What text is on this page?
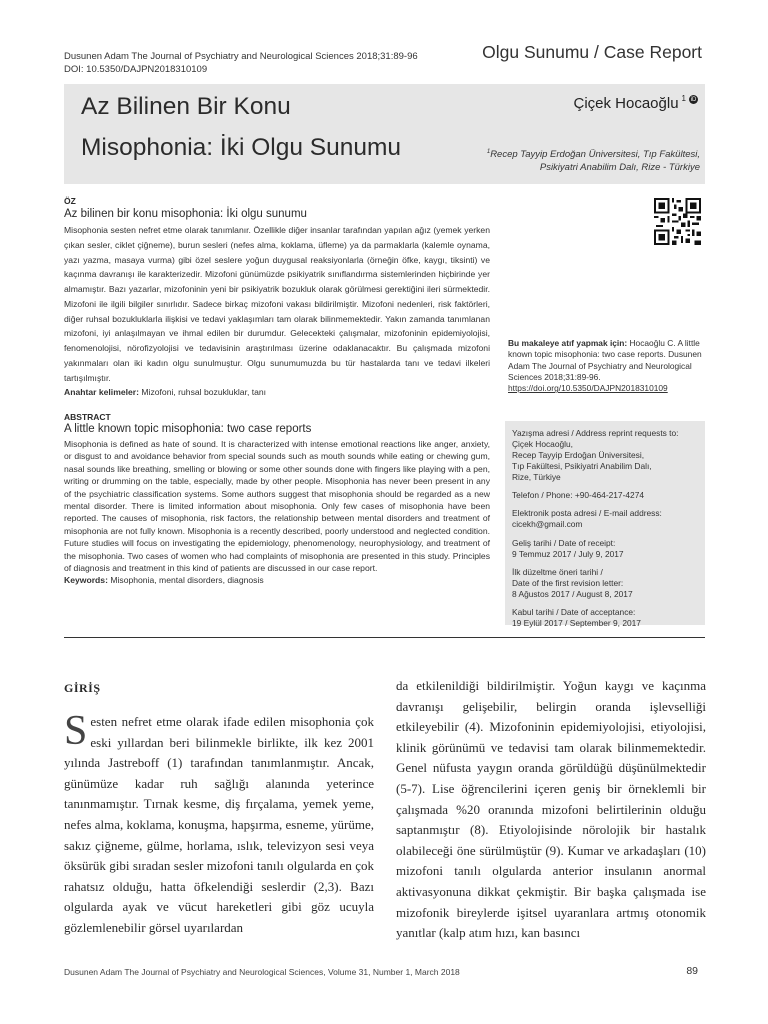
Dusunen Adam The Journal of Psychiatry and Neurological Sciences 2018;31:89-96
DOI: 10.5350/DAJPN2018310109
Olgu Sunumu / Case Report
Az Bilinen Bir Konu
Misophonia: İki Olgu Sunumu
Çiçek Hocaoğlu $^1$ iD
$^1$Recep Tayyip Erdoğan Üniversitesi, Tıp Fakültesi,
Psikiyatri Anabilim Dalı, Rize - Türkiye
ÖZ
Az bilinen bir konu misophonia: İki olgu sunumu
Misophonia sesten nefret etme olarak tanımlanır. Özellikle diğer insanlar tarafından yapılan ağız (yemek yerken çıkan sesler, ciklet çiğneme), burun sesleri (nefes alma, koklama, üfleme) ya da parmaklarla (kalemle oynama, yazı yazma, masaya vurma) gibi özel seslere yoğun duygusal reaksiyonlarla (örneğin öfke, kaygı, tiksinti) ve kaçınma davranışı ile karakterizedir. Mizofoni günümüzde psikiyatrik sınıflandırma sistemlerinden hiçbirinde yer almamıştır. Bazı yazarlar, mizofoninin yeni bir psikiyatrik bozukluk olarak görülmesi gerektiğini ileri sürmektedir. Mizofoni ile ilgili bilgiler sınırlıdır. Sadece birkaç mizofoni vakası bildirilmiştir. Mizofoni nedenleri, risk faktörleri, diğer ruhsal bozukluklarla ilişkisi ve tedavi yaklaşımları tam olarak bilinmemektedir. Yakın zamanda tanımlanan mizofoni, iyi anlaşılmayan ve ihmal edilen bir durumdur. Gelecekteki çalışmalar, mizofoninin epidemiyolojisi, fenomenolojisi, nörofizyolojisi ve tedavisinin araştırılması üzerine odaklanacaktır. Bu çalışmada mizofoni yakınmaları olan iki kadın olgu sunulmuştur. Olgu sunumumuzda bu tür hastalarda tanı ve tedavi ilkeleri tartışılmıştır.
Anahtar kelimeler: Mizofoni, ruhsal bozukluklar, tanı
Bu makaleye atıf yapmak için: Hocaoğlu C. A little known topic misophonia: two case reports. Dusunen Adam The Journal of Psychiatry and Neurological Sciences 2018;31:89-96.
https://doi.org/10.5350/DAJPN2018310109
ABSTRACT
A little known topic misophonia: two case reports
Misophonia is defined as hate of sound. It is characterized with intense emotional reactions like anger, anxiety, or disgust to and avoidance behavior from special sounds such as mouth sounds while eating or chewing gum, nasal sounds like breathing, smelling or blowing or some other sounds done with fingers like playing with a pen, writing or drumming on the table, especially, made by other people. Misophonia has never been present in any of the psychiatric classification systems. Some authors suggest that misophonia should be regarded as a new mental disorder. There is limited information about misophonia. Only few cases of misophonia have been reported. The causes of misophonia, risk factors, the relationship between mental disorders and treatment of misophonia are not fully known. Misophonia is a recently described, poorly understood and neglected condition. Future studies will focus on investigating the epidemiology, phenomenology, neurophysiology, and treatment of the misophonia. Two cases of women who had complaints of misophonia are presented in this study. Principles of diagnosis and treatment in this kind of patients are discussed in our case report.
Keywords: Misophonia, mental disorders, diagnosis
Yazışma adresi / Address reprint requests to:
Çiçek Hocaoğlu,
Recep Tayyip Erdoğan Üniversitesi,
Tıp Fakültesi, Psikiyatri Anabilim Dalı,
Rize, Türkiye
Telefon / Phone: +90-464-217-4274
Elektronik posta adresi / E-mail address:
cicekh@gmail.com
Geliş tarihi / Date of receipt:
9 Temmuz 2017 / July 9, 2017
İlk düzeltme öneri tarihi /
Date of the first revision letter:
8 Ağustos 2017 / August 8, 2017
Kabul tarihi / Date of acceptance:
19 Eylül 2017 / September 9, 2017
GİRİŞ
Sesten nefret etme olarak ifade edilen misophonia çok eski yıllardan beri bilinmekle birlikte, ilk kez 2001 yılında Jastreboff (1) tarafından tanımlanmıştır. Ancak, günümüze kadar ruh sağlığı alanında yeterince tanınmamıştır. Tırnak kesme, diş fırçalama, yemek yeme, nefes alma, koklama, konuşma, hapşırma, esneme, yürüme, sakız çiğneme, gülme, horlama, ıslık, televizyon sesi veya öksürük gibi sıradan sesler mizofoni tanılı olgularda en çok rahatsız olduğu, hatta öfkelendiği seslerdir (2,3). Bazı olgularda ayak ve vücut hareketleri gibi göz ucuyla gözlemlenebilir görsel uyarılardan
da etkilenildiği bildirilmiştir. Yoğun kaygı ve kaçınma davranışı gelişebilir, belirgin oranda işlevselliği etkileyebilir (4). Mizofoninin epidemiyolojisi, etiyolojisi, klinik görünümü ve tedavisi tam olarak bilinmemektedir. Genel nüfusta yaygın oranda görüldüğü düşünülmektedir (5-7). Lise öğrencilerini içeren geniş bir örneklemli bir çalışmada %20 oranında mizofoni belirtilerinin olduğu saptanmıştır (8). Etiyolojisinde nörolojik bir hastalık olabileceği öne sürülmüştür (9). Kumar ve arkadaşları (10) mizofoni tanılı olgularda anterior insulanın anormal aktivasyonuna dikkat çekmiştir. Bir başka çalışmada ise mizofonik bireylerde işitsel uyaranlara artmış otonomik yanıtlar (kalp atım hızı, kan basıncı
Dusunen Adam The Journal of Psychiatry and Neurological Sciences, Volume 31, Number 1, March 2018	89
